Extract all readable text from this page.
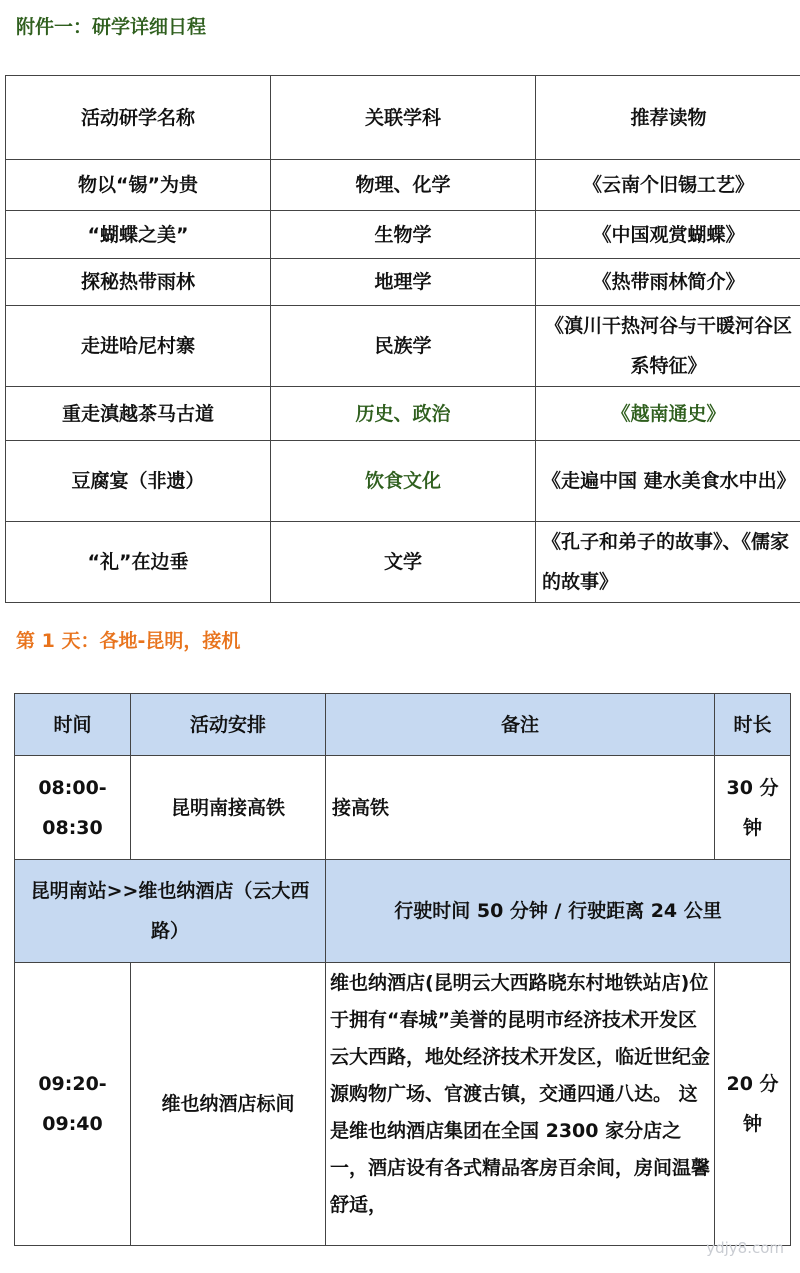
附件一：研学详细日程
活动研学名称	关联学科	推荐读物
物以“锡”为贵	物理、化学	《云南个旧锡工艺》
“蝴蝶之美”	生物学	《中国观赏蝴蝶》
探秘热带雨林	地理学	《热带雨林简介》
走进哈尼村寨	民族学	《滇川干热河谷与干暖河谷区系特征》
重走滇越茶马古道	历史、政治	《越南通史》
豆腐宴（非遗）	饮食文化	《走遍中国 建水美食水中出》
“礼”在边垂	文学	《孔子和弟子的故事》、《儒家的故事》
第 1 天：各地-昆明，接机
时间	活动安排	备注	时长
08:00-08:30	昆明南接高铁	接高铁	30 分钟
昆明南站>>维也纳酒店（云大西路）		行驶时间 50 分钟 / 行驶距离 24 公里	
09:20-09:40	维也纳酒店标间	维也纳酒店(昆明云大西路晓东村地铁站店)位于拥有“春城”美誉的昆明市经济技术开发区云大西路，地处经济技术开发区，临近世纪金源购物广场、官渡古镇，交通四通八达。 这是维也纳酒店集团在全国 2300 家分店之一，酒店设有各式精品客房百余间，房间温馨舒适，	20 分钟
ydjy8.com
